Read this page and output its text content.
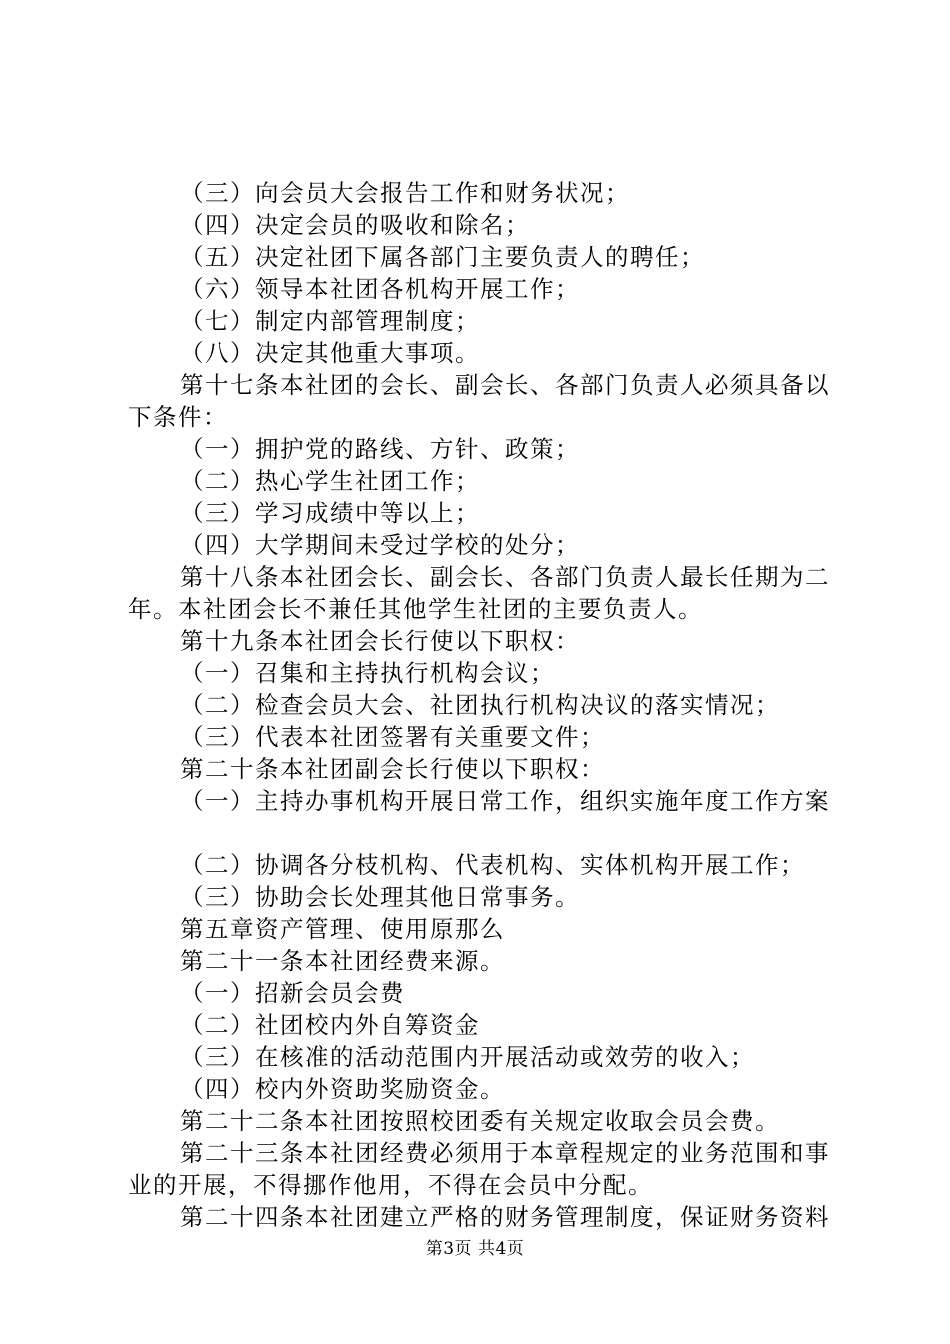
（三）向会员大会报告工作和财务状况；
（四）决定会员的吸收和除名；
（五）决定社团下属各部门主要负责人的聘任；
（六）领导本社团各机构开展工作；
（七）制定内部管理制度；
（八）决定其他重大事项。
第十七条本社团的会长、副会长、各部门负责人必须具备以
下条件：
（一）拥护党的路线、方针、政策；
（二）热心学生社团工作；
（三）学习成绩中等以上；
（四）大学期间未受过学校的处分；
第十八条本社团会长、副会长、各部门负责人最长任期为二
年。本社团会长不兼任其他学生社团的主要负责人。
第十九条本社团会长行使以下职权：
（一）召集和主持执行机构会议；
（二）检查会员大会、社团执行机构决议的落实情况；
（三）代表本社团签署有关重要文件；
第二十条本社团副会长行使以下职权：
（一）主持办事机构开展日常工作，组织实施年度工作方案
（二）协调各分枝机构、代表机构、实体机构开展工作；
（三）协助会长处理其他日常事务。
第五章资产管理、使用原那么
第二十一条本社团经费来源。
（一）招新会员会费
（二）社团校内外自筹资金
（三）在核准的活动范围内开展活动或效劳的收入；
（四）校内外资助奖励资金。
第二十二条本社团按照校团委有关规定收取会员会费。
第二十三条本社团经费必须用于本章程规定的业务范围和事
业的开展，不得挪作他用，不得在会员中分配。
第二十四条本社团建立严格的财务管理制度，保证财务资料
第3页 共4页
